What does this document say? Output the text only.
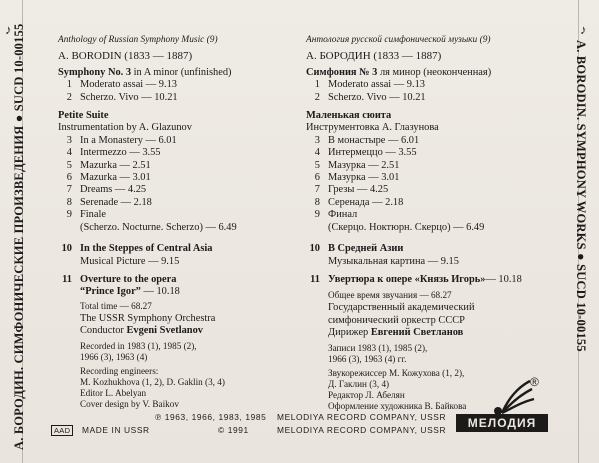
А. БОРОДИН. СИМФОНИЧЕСКИЕ ПРОИЗВЕДЕНИЯ ● SUCD 10-00155	A. BORODIN. SYMPHONY WORKS ● SUCD 10-00155
♪	♪
Anthology of Russian Symphony Music (9)
A. BORODIN (1833 — 1887)
Symphony No. 3 in A minor (unfinished)
1 Moderato assai — 9.13
2 Scherzo. Vivo — 10.21
Petite Suite
Instrumentation by A. Glazunov
3 In a Monastery — 6.01
4 Intermezzo — 3.55
5 Mazurka — 2.51
6 Mazurka — 3.01
7 Dreams — 4.25
8 Serenade — 2.18
9 Finale
(Scherzo. Nocturne. Scherzo) — 6.49
10 In the Steppes of Central Asia
Musical Picture — 9.15
11 Overture to the opera
“Prince Igor” — 10.18
Total time — 68.27
The USSR Symphony Orchestra
Conductor Evgeni Svetlanov
Recorded in 1983 (1), 1985 (2),
1966 (3), 1963 (4)
Recording engineers:
M. Kozhukhova (1, 2), D. Gaklin (3, 4)
Editor L. Abelyan
Cover design by V. Baikov
Антология русской симфонической музыки (9)
А. БОРОДИН (1833 — 1887)
Симфония № 3 ля минор (неоконченная)
1 Moderato assai — 9.13
2 Scherzo. Vivo — 10.21
Маленькая сюита
Инструментовка А. Глазунова
3 В монастыре — 6.01
4 Интермеццо — 3.55
5 Мазурка — 2.51
6 Мазурка — 3.01
7 Грезы — 4.25
8 Серенада — 2.18
9 Финал
(Скерцо. Ноктюрн. Скерцо) — 6.49
10 В Средней Азии
Музыкальная картина — 9.15
11 Увертюра к опере «Князь Игорь» — 10.18
Общее время звучания — 68.27
Государственный академический
симфонический оркестр СССР
Дирижер Евгений Светланов
Записи 1983 (1), 1985 (2),
1966 (3), 1963 (4) гг.
Звукорежиссер М. Кожухова (1, 2),
Д. Гаклин (3, 4)
Редактор Л. Абелян
Оформление художника В. Байкова
AAD	MADE IN USSR
℗ 1963, 1966, 1983, 1985
© 1991
MELODIYA RECORD COMPANY, USSR
MELODIYA RECORD COMPANY, USSR
®
МЕЛОДИЯ
